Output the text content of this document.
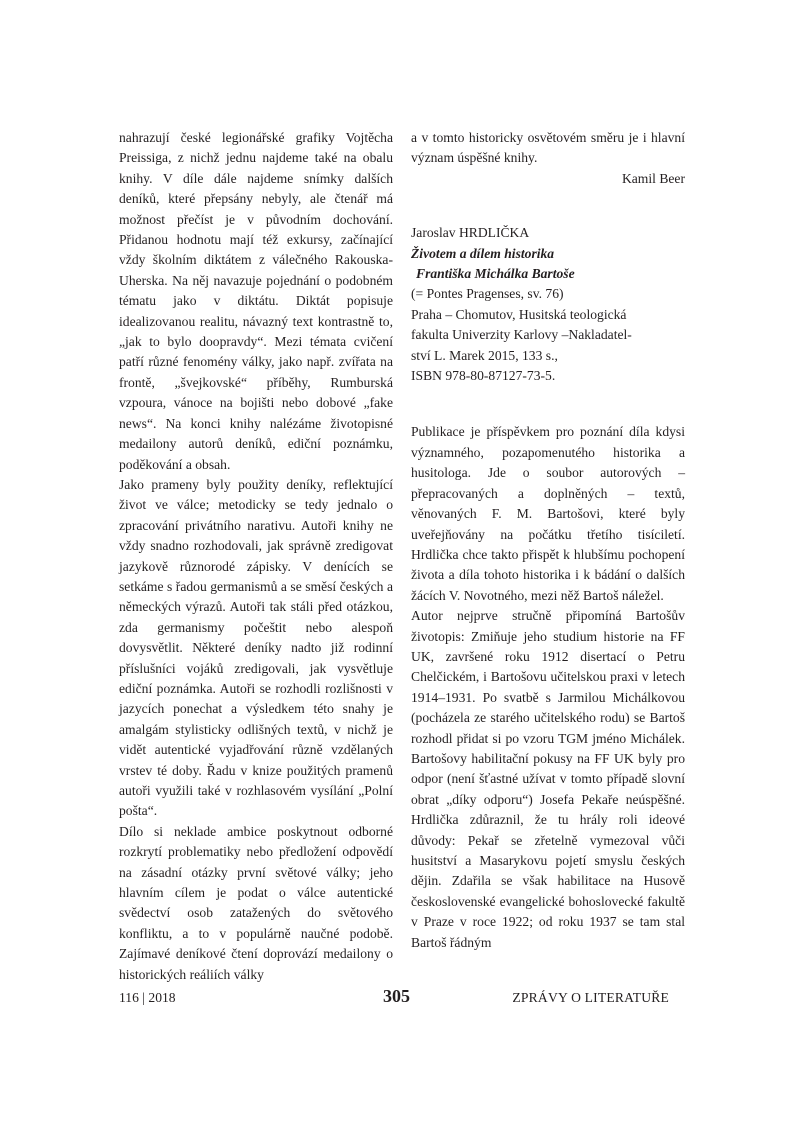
nahrazují české legionářské grafiky Vojtěcha Preissiga, z nichž jednu najdeme také na obalu knihy. V díle dále najdeme snímky dalších deníků, které přepsány nebyly, ale čtenář má možnost přečíst je v původním dochování. Přidanou hodnotu mají též exkursy, začínající vždy školním diktátem z válečného Rakouska-Uherska. Na něj navazuje pojednání o podobném tématu jako v diktátu. Diktát popisuje idealizovanou realitu, návazný text kontrastně to, „jak to bylo doopravdy“. Mezi témata cvičení patří různé fenomény války, jako např. zvířata na frontě, „švejkovské“ příběhy, Rumburská vzpoura, vánoce na bojišti nebo dobové „fake news“. Na konci knihy nalézáme životopisné medailony autorů deníků, ediční poznámku, poděkování a obsah.

Jako prameny byly použity deníky, reflektující život ve válce; metodicky se tedy jednalo o zpracování privátního narativu. Autoři knihy ne vždy snadno rozhodovali, jak správně zredigovat jazykově různorodé zápisky. V denících se setkáme s řadou germanismů a se směsí českých a německých výrazů. Autoři tak stáli před otázkou, zda germanismy počeštit nebo alespoň dovysvětlit. Některé deníky nadto již rodinní příslušníci vojáků zredigovali, jak vysvětluje ediční poznámka. Autoři se rozhodli rozlišnosti v jazycích ponechat a výsledkem této snahy je amalgám stylisticky odlišných textů, v nichž je vidět autentické vyjadřování různě vzdělaných vrstev té doby. Řadu v knize použitých pramenů autoři využili také v rozhlasovém vysílání „Polní pošta“.

Dílo si neklade ambice poskytnout odborné rozkrytí problematiky nebo předložení odpovědí na zásadní otázky první světové války; jeho hlavním cílem je podat o válce autentické svědectví osob zatažených do světového konfliktu, a to v populárně naučné podobě. Zajímavé deníkové čtení doprovází medailony o historických reáliích války

a v tomto historicky osvětovém směru je i hlavní význam úspěšné knihy.

Kamil Beer

Jaroslav HRDLIČKA

Životem a dílem historika

Františka Michálka Bartoše

(= Pontes Pragenses, sv. 76)

Praha – Chomutov, Husitská teologická

fakulta Univerzity Karlovy –Nakladatel-

ství L. Marek 2015, 133 s.,

ISBN 978-80-87127-73-5.

Publikace je příspěvkem pro poznání díla kdysi významného, pozapomenutého historika a husitologa. Jde o soubor autorových – přepracovaných a doplněných – textů, věnovaných F. M. Bartošovi, které byly uveřejňovány na počátku třetího tisíciletí. Hrdlička chce takto přispět k hlubšímu pochopení života a díla tohoto historika i k bádání o dalších žácích V. Novotného, mezi něž Bartoš náležel.

Autor nejprve stručně připomíná Bartošův životopis: Zmiňuje jeho studium historie na FF UK, završené roku 1912 disertací o Petru Chelčickém, i Bartošovu učitelskou praxi v letech 1914–1931. Po svatbě s Jarmilou Michálkovou (pocházela ze starého učitelského rodu) se Bartoš rozhodl přidat si po vzoru TGM jméno Michálek. Bartošovy habilitační pokusy na FF UK byly pro odpor (není šťastné užívat v tomto případě slovní obrat „díky odporu“) Josefa Pekaře neúspěšné. Hrdlička zdůraznil, že tu hrály roli ideové důvody: Pekař se zřetelně vymezoval vůči husitství a Masarykovu pojetí smyslu českých dějin. Zdařila se však habilitace na Husově československé evangelické bohoslovecké fakultě v Praze v roce 1922; od roku 1937 se tam stal Bartoš řádným

116 | 2018	305	ZPRÁVY O LITERATUŘE
